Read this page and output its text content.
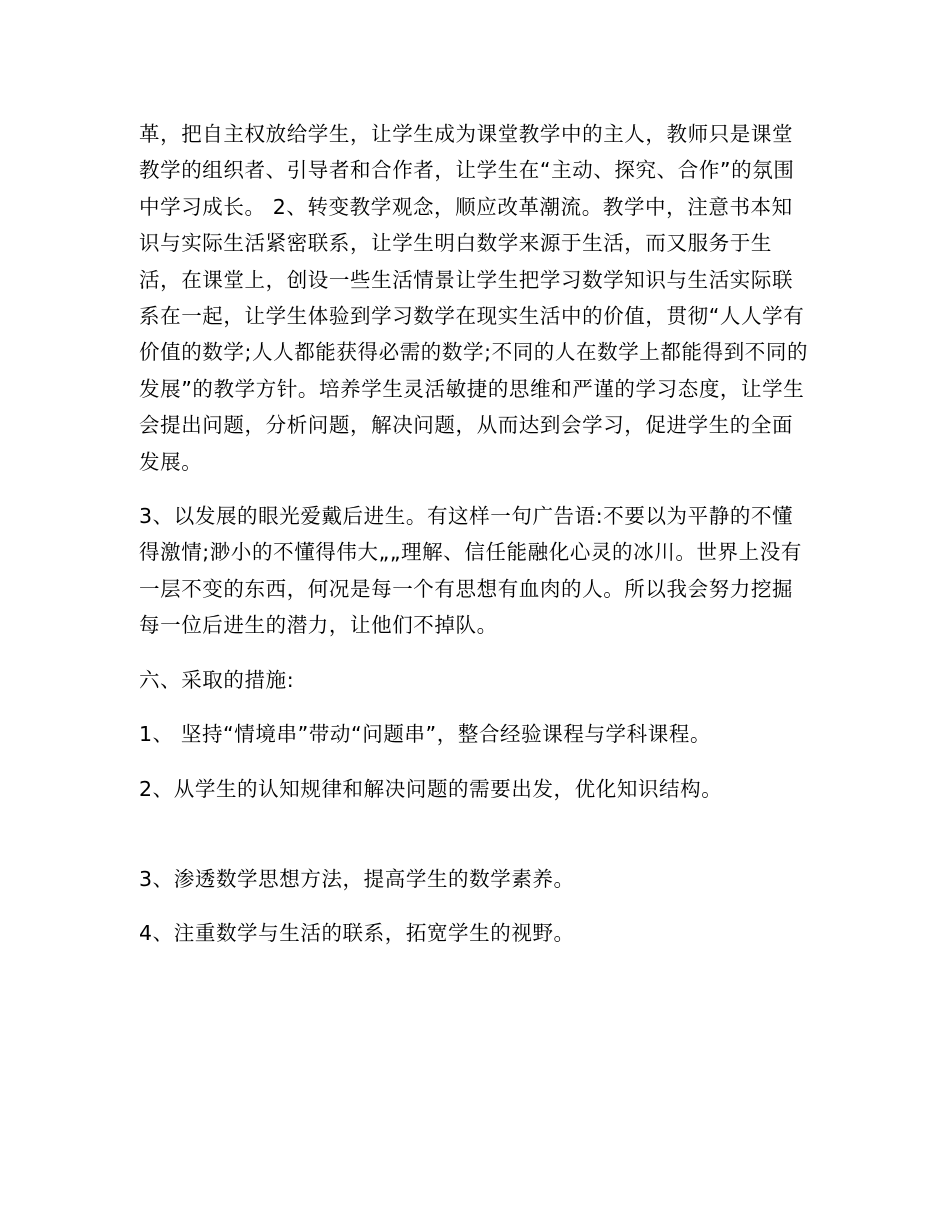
革，把自主权放给学生，让学生成为课堂教学中的主人，教师只是课堂教学的组织者、引导者和合作者，让学生在“主动、探究、合作”的氛围中学习成长。 2、转变教学观念，顺应改革潮流。教学中，注意书本知识与实际生活紧密联系，让学生明白数学来源于生活，而又服务于生活，在课堂上，创设一些生活情景让学生把学习数学知识与生活实际联系在一起，让学生体验到学习数学在现实生活中的价值，贯彻“人人学有价值的数学;人人都能获得必需的数学;不同的人在数学上都能得到不同的发展”的教学方针。培养学生灵活敏捷的思维和严谨的学习态度，让学生会提出问题，分析问题，解决问题，从而达到会学习，促进学生的全面发展。

3、以发展的眼光爱戴后进生。有这样一句广告语:不要以为平静的不懂得激情;渺小的不懂得伟大„„理解、信任能融化心灵的冰川。世界上没有一层不变的东西，何况是每一个有思想有血肉的人。所以我会努力挖掘每一位后进生的潜力，让他们不掉队。

六、采取的措施:

1、 坚持“情境串”带动“问题串”，整合经验课程与学科课程。

2、从学生的认知规律和解决问题的需要出发，优化知识结构。

3、渗透数学思想方法，提高学生的数学素养。

4、注重数学与生活的联系，拓宽学生的视野。
